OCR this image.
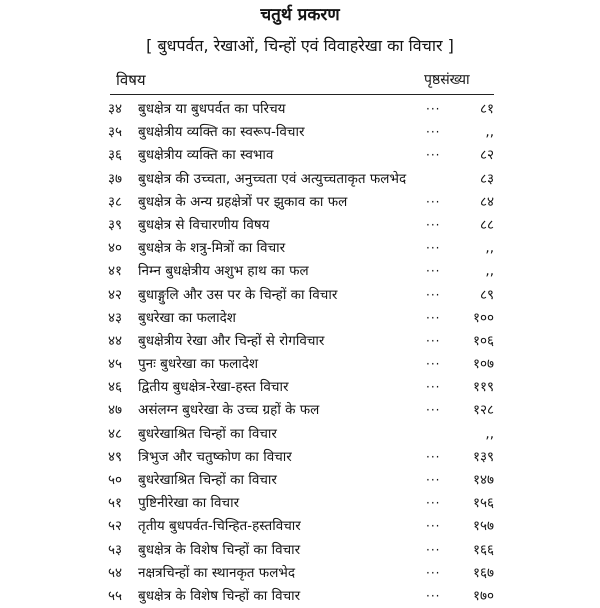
चतुर्थ प्रकरण
[ बुधपर्वत, रेखाओं, चिन्हों एवं विवाहरेखा का विचार ]
विषय	पृष्ठसंख्या
३४	बुधक्षेत्र या बुधपर्वत का परिचय	···	८१
३५	बुधक्षेत्रीय व्यक्ति का स्वरूप-विचार	···	,,
३६	बुधक्षेत्रीय व्यक्ति का स्वभाव	···	८२
३७	बुधक्षेत्र की उच्चता, अनुच्चता एवं अत्युच्चताकृत फलभेद	८३
३८	बुधक्षेत्र के अन्य ग्रहक्षेत्रों पर झुकाव का फल	···	८४
३९	बुधक्षेत्र से विचारणीय विषय	···	८८
४०	बुधक्षेत्र के शत्रु-मित्रों का विचार	···	,,
४१	निम्न बुधक्षेत्रीय अशुभ हाथ का फल	···	,,
४२	बुधाङ्गुलि और उस पर के चिन्हों का विचार	···	८९
४३	बुधरेखा का फलादेश	···	१००
४४	बुधक्षेत्रीय रेखा और चिन्हों से रोगविचार	···	१०६
४५	पुनः बुधरेखा का फलादेश	···	१०७
४६	द्वितीय बुधक्षेत्र-रेखा-हस्त विचार	···	११९
४७	असंलग्न बुधरेखा के उच्च ग्रहों के फल	···	१२८
४८	बुधरेखाश्रित चिन्हों का विचार	,,
४९	त्रिभुज और चतुष्कोण का विचार	···	१३९
५०	बुधरेखाश्रित चिन्हों का विचार	···	१४७
५१	पुष्टिनीरेखा का विचार	···	१५६
५२	तृतीय बुधपर्वत-चिन्हित-हस्तविचार	···	१५७
५३	बुधक्षेत्र के विशेष चिन्हों का विचार	···	१६६
५४	नक्षत्रचिन्हों का स्थानकृत फलभेद	···	१६७
५५	बुधक्षेत्र के विशेष चिन्हों का विचार	···	१७०
